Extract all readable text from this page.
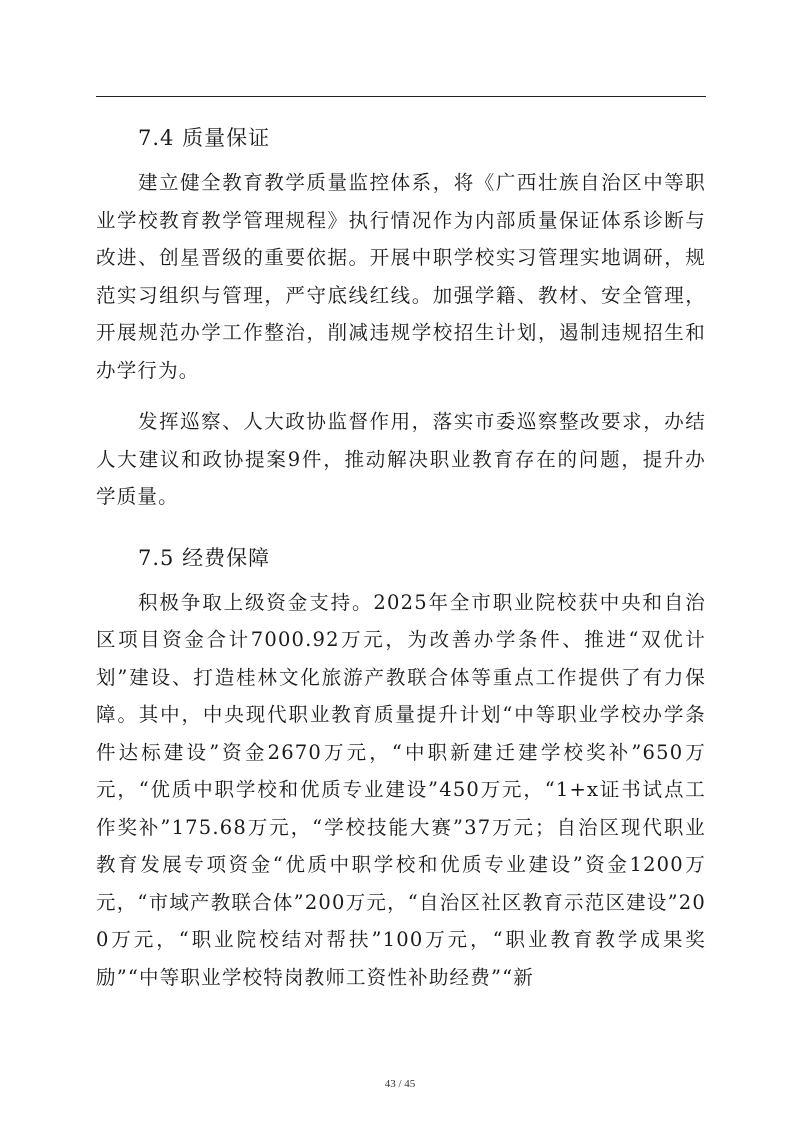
7.4 质量保证

建立健全教育教学质量监控体系，将《广西壮族自治区中等职业学校教育教学管理规程》执行情况作为内部质量保证体系诊断与改进、创星晋级的重要依据。开展中职学校实习管理实地调研，规范实习组织与管理，严守底线红线。加强学籍、教材、安全管理，开展规范办学工作整治，削减违规学校招生计划，遏制违规招生和办学行为。

发挥巡察、人大政协监督作用，落实市委巡察整改要求，办结人大建议和政协提案9件，推动解决职业教育存在的问题，提升办学质量。

7.5 经费保障

积极争取上级资金支持。2025年全市职业院校获中央和自治区项目资金合计7000.92万元，为改善办学条件、推进“双优计划”建设、打造桂林文化旅游产教联合体等重点工作提供了有力保障。其中，中央现代职业教育质量提升计划“中等职业学校办学条件达标建设”资金2670万元，“中职新建迁建学校奖补”650万元，“优质中职学校和优质专业建设”450万元，“1+x证书试点工作奖补”175.68万元，“学校技能大赛”37万元；自治区现代职业教育发展专项资金“优质中职学校和优质专业建设”资金1200万元，“市域产教联合体”200万元，“自治区社区教育示范区建设”200万元，“职业院校结对帮扶”100万元，“职业教育教学成果奖励”“中等职业学校特岗教师工资性补助经费”“新

43 / 45
